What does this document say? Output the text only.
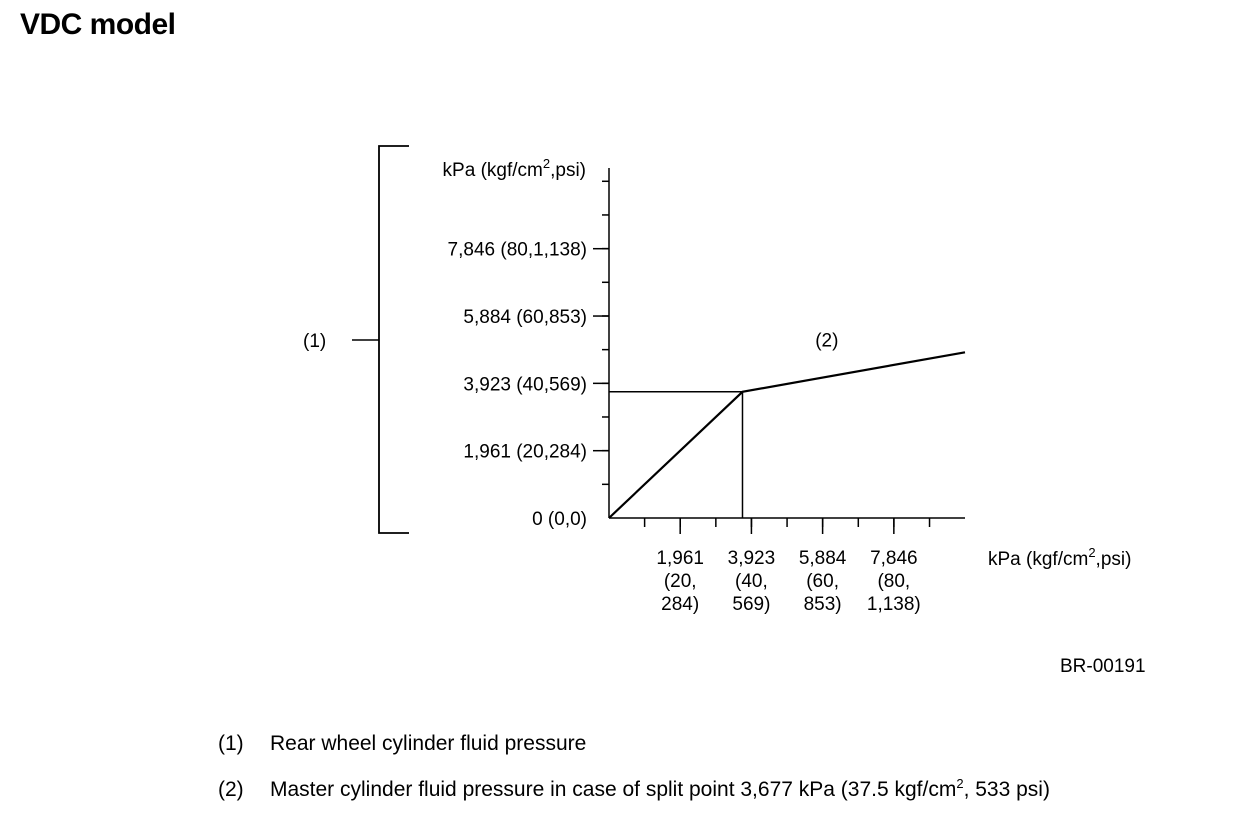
VDC model
0 (0,0)
1,961 (20,284)
3,923 (40,569)
5,884 (60,853)
7,846 (80,1,138)
1,961 (20, 284)
3,923 (40, 569)
5,884 (60, 853)
7,846 (80, 1,138)
kPa $(kgf/cm^2,psi)$
kPa $(kgf/cm^2,psi)$
(1)	(2)
BR-00191
(1) Rear wheel cylinder fluid pressure
(2) Master cylinder fluid pressure in case of split point 3,677 kPa (37.5 kgf/$cm^2$, 533 psi)
